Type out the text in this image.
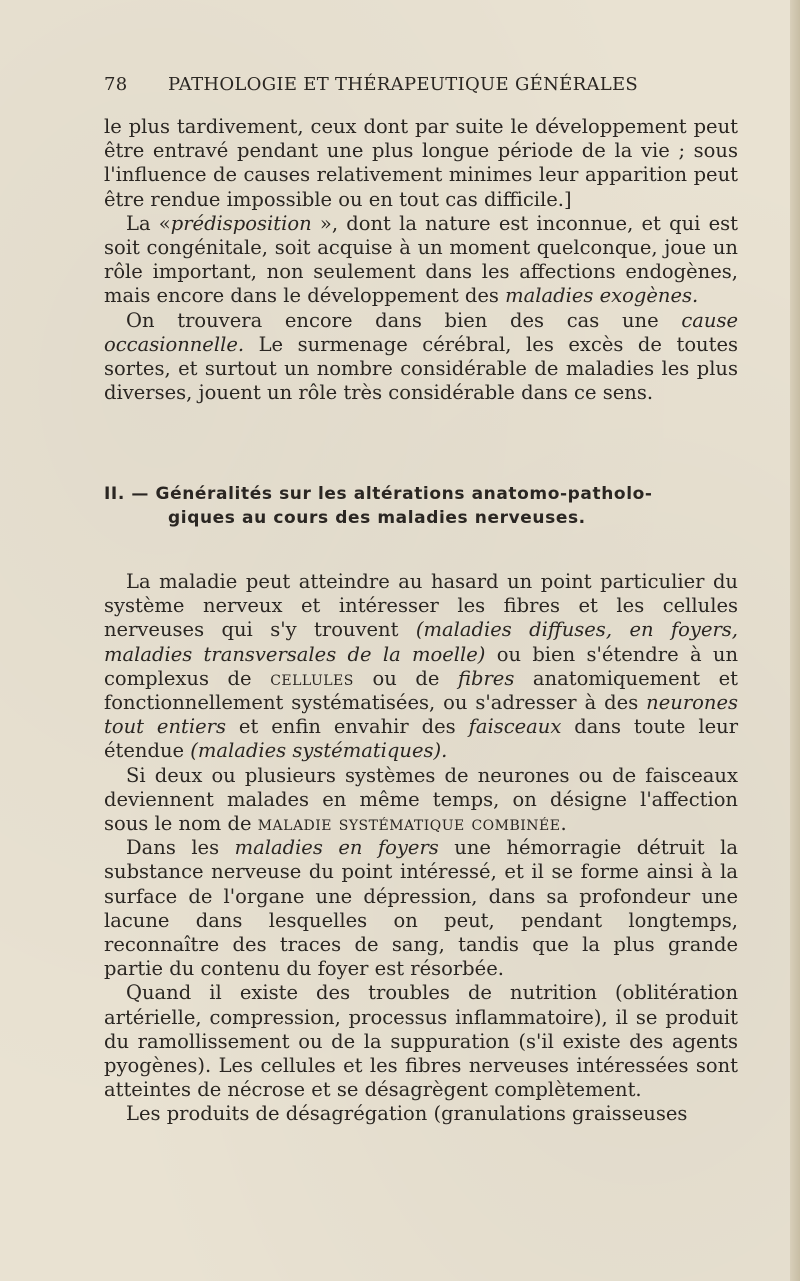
78	PATHOLOGIE ET THÉRAPEUTIQUE GÉNÉRALES

le plus tardivement, ceux dont par suite le développement peut être entravé pendant une plus longue période de la vie ; sous l'influence de causes relativement minimes leur apparition peut être rendue impossible ou en tout cas difficile.]

La «prédisposition », dont la nature est inconnue, et qui est soit congénitale, soit acquise à un moment quelconque, joue un rôle important, non seulement dans les affections endogènes, mais encore dans le développement des maladies exogènes.

On trouvera encore dans bien des cas une cause occasionnelle. Le surmenage cérébral, les excès de toutes sortes, et surtout un nombre considérable de maladies les plus diverses, jouent un rôle très considérable dans ce sens.

II. — Généralités sur les altérations anatomo-patholo-
giques au cours des maladies nerveuses.

La maladie peut atteindre au hasard un point particulier du système nerveux et intéresser les fibres et les cellules nerveuses qui s'y trouvent (maladies diffuses, en foyers, maladies transversales de la moelle) ou bien s'étendre à un complexus de cellules ou de fibres anatomiquement et fonctionnellement systématisées, ou s'adresser à des neurones tout entiers et enfin envahir des faisceaux dans toute leur étendue (maladies systématiques).

Si deux ou plusieurs systèmes de neurones ou de faisceaux deviennent malades en même temps, on désigne l'affection sous le nom de maladie systématique combinée.

Dans les maladies en foyers une hémorragie détruit la substance nerveuse du point intéressé, et il se forme ainsi à la surface de l'organe une dépression, dans sa profondeur une lacune dans lesquelles on peut, pendant longtemps, reconnaître des traces de sang, tandis que la plus grande partie du contenu du foyer est résorbée.

Quand il existe des troubles de nutrition (oblitération artérielle, compression, processus inflammatoire), il se produit du ramollissement ou de la suppuration (s'il existe des agents pyogènes). Les cellules et les fibres nerveuses intéressées sont atteintes de nécrose et se désagrègent complètement.

Les produits de désagrégation (granulations graisseuses
